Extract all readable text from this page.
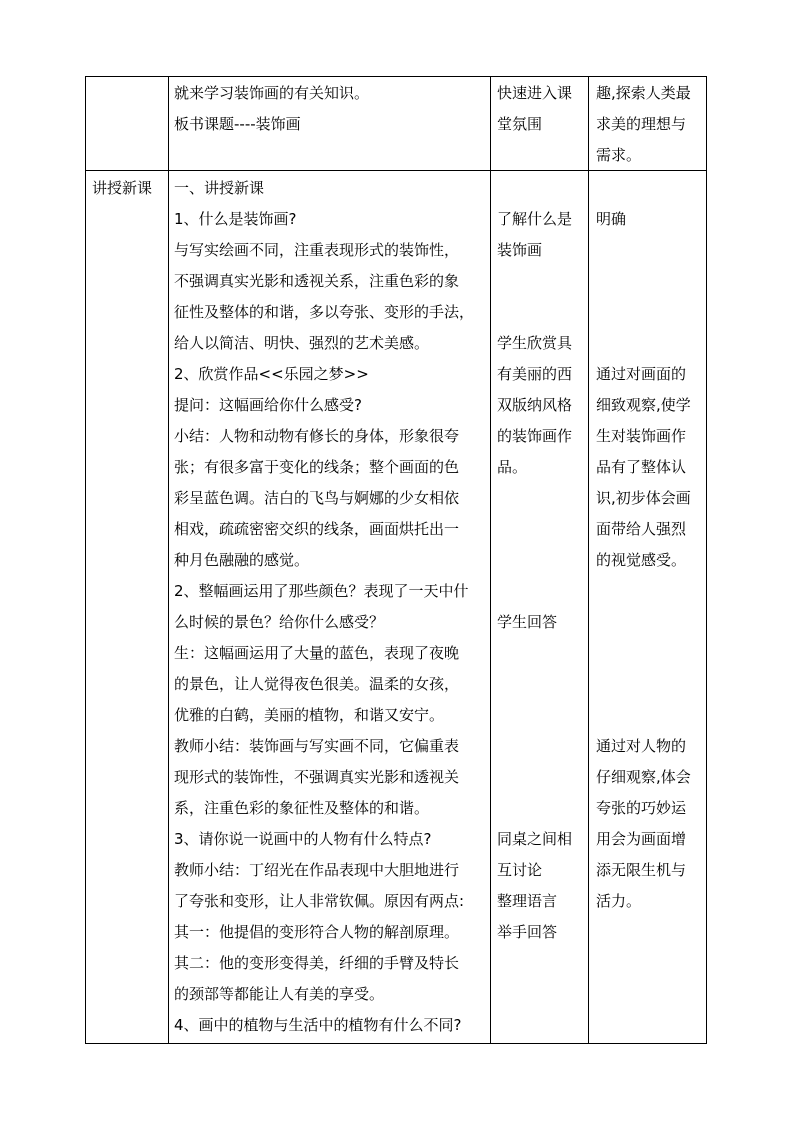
就来学习装饰画的有关知识。
板书课题----装饰画
快速进入课
堂氛围
趣,探索人类最
求美的理想与
需求。
讲授新课 一、讲授新课
1、什么是装饰画?
与写实绘画不同，注重表现形式的装饰性，
不强调真实光影和透视关系，注重色彩的象
征性及整体的和谐，多以夸张、变形的手法，
给人以简洁、明快、强烈的艺术美感。
2、欣赏作品<<乐园之梦>>
提问：这幅画给你什么感受?
小结：人物和动物有修长的身体，形象很夸
张；有很多富于变化的线条；整个画面的色
彩呈蓝色调。洁白的飞鸟与婀娜的少女相依
相戏，疏疏密密交织的线条，画面烘托出一
种月色融融的感觉。
2、整幅画运用了那些颜色？表现了一天中什
么时候的景色？给你什么感受？
生：这幅画运用了大量的蓝色，表现了夜晚
的景色，让人觉得夜色很美。温柔的女孩，
优雅的白鹤，美丽的植物，和谐又安宁。
教师小结：装饰画与写实画不同，它偏重表
现形式的装饰性，不强调真实光影和透视关
系，注重色彩的象征性及整体的和谐。
3、请你说一说画中的人物有什么特点?
教师小结：丁绍光在作品表现中大胆地进行
了夸张和变形，让人非常钦佩。原因有两点:
其一：他提倡的变形符合人物的解剖原理。
其二：他的变形变得美，纤细的手臂及特长
的颈部等都能让人有美的享受。
4、画中的植物与生活中的植物有什么不同?
了解什么是
装饰画
学生欣赏具
有美丽的西
双版纳风格
的装饰画作
品。
学生回答
同桌之间相
互讨论
整理语言
举手回答
明确
通过对画面的
细致观察,使学
生对装饰画作
品有了整体认
识,初步体会画
面带给人强烈
的视觉感受。
通过对人物的
仔细观察,体会
夸张的巧妙运
用会为画面增
添无限生机与
活力。
